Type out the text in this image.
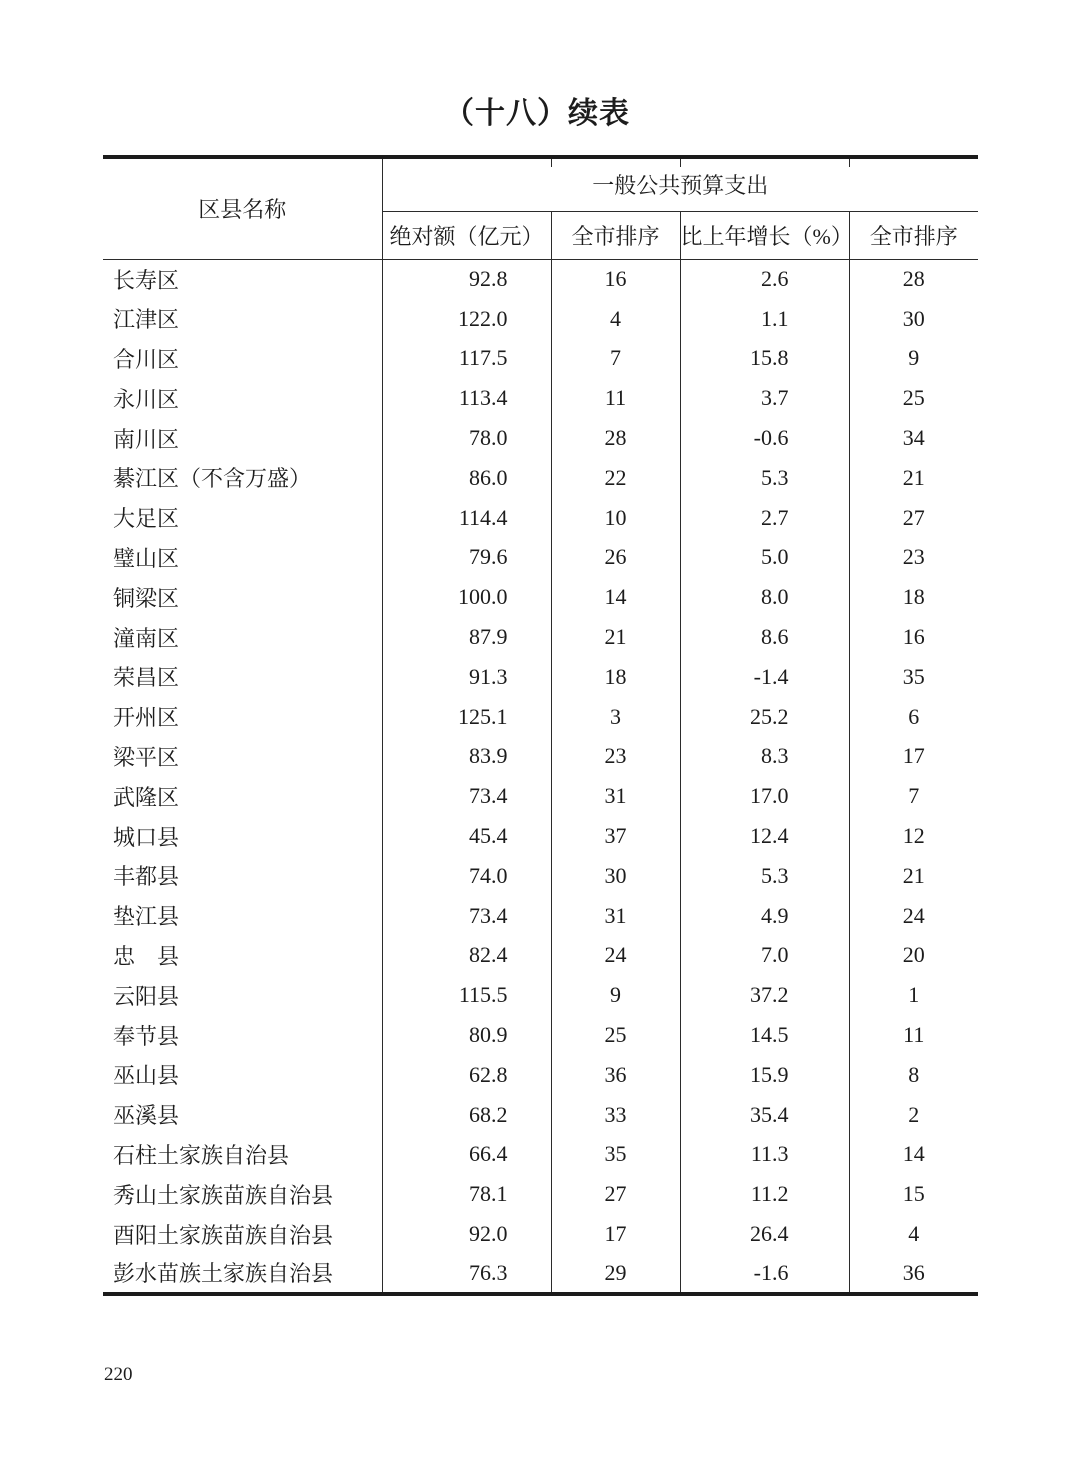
（十八）续表
区县名称	一般公共预算支出			
	绝对额（亿元）	全市排序	比上年增长（%）	全市排序
长寿区	92.8	16	2.6	28
江津区	122.0	4	1.1	30
合川区	117.5	7	15.8	9
永川区	113.4	11	3.7	25
南川区	78.0	28	-0.6	34
綦江区（不含万盛）	86.0	22	5.3	21
大足区	114.4	10	2.7	27
璧山区	79.6	26	5.0	23
铜梁区	100.0	14	8.0	18
潼南区	87.9	21	8.6	16
荣昌区	91.3	18	-1.4	35
开州区	125.1	3	25.2	6
梁平区	83.9	23	8.3	17
武隆区	73.4	31	17.0	7
城口县	45.4	37	12.4	12
丰都县	74.0	30	5.3	21
垫江县	73.4	31	4.9	24
忠　县	82.4	24	7.0	20
云阳县	115.5	9	37.2	1
奉节县	80.9	25	14.5	11
巫山县	62.8	36	15.9	8
巫溪县	68.2	33	35.4	2
石柱土家族自治县	66.4	35	11.3	14
秀山土家族苗族自治县	78.1	27	11.2	15
酉阳土家族苗族自治县	92.0	17	26.4	4
彭水苗族土家族自治县	76.3	29	-1.6	36
220
